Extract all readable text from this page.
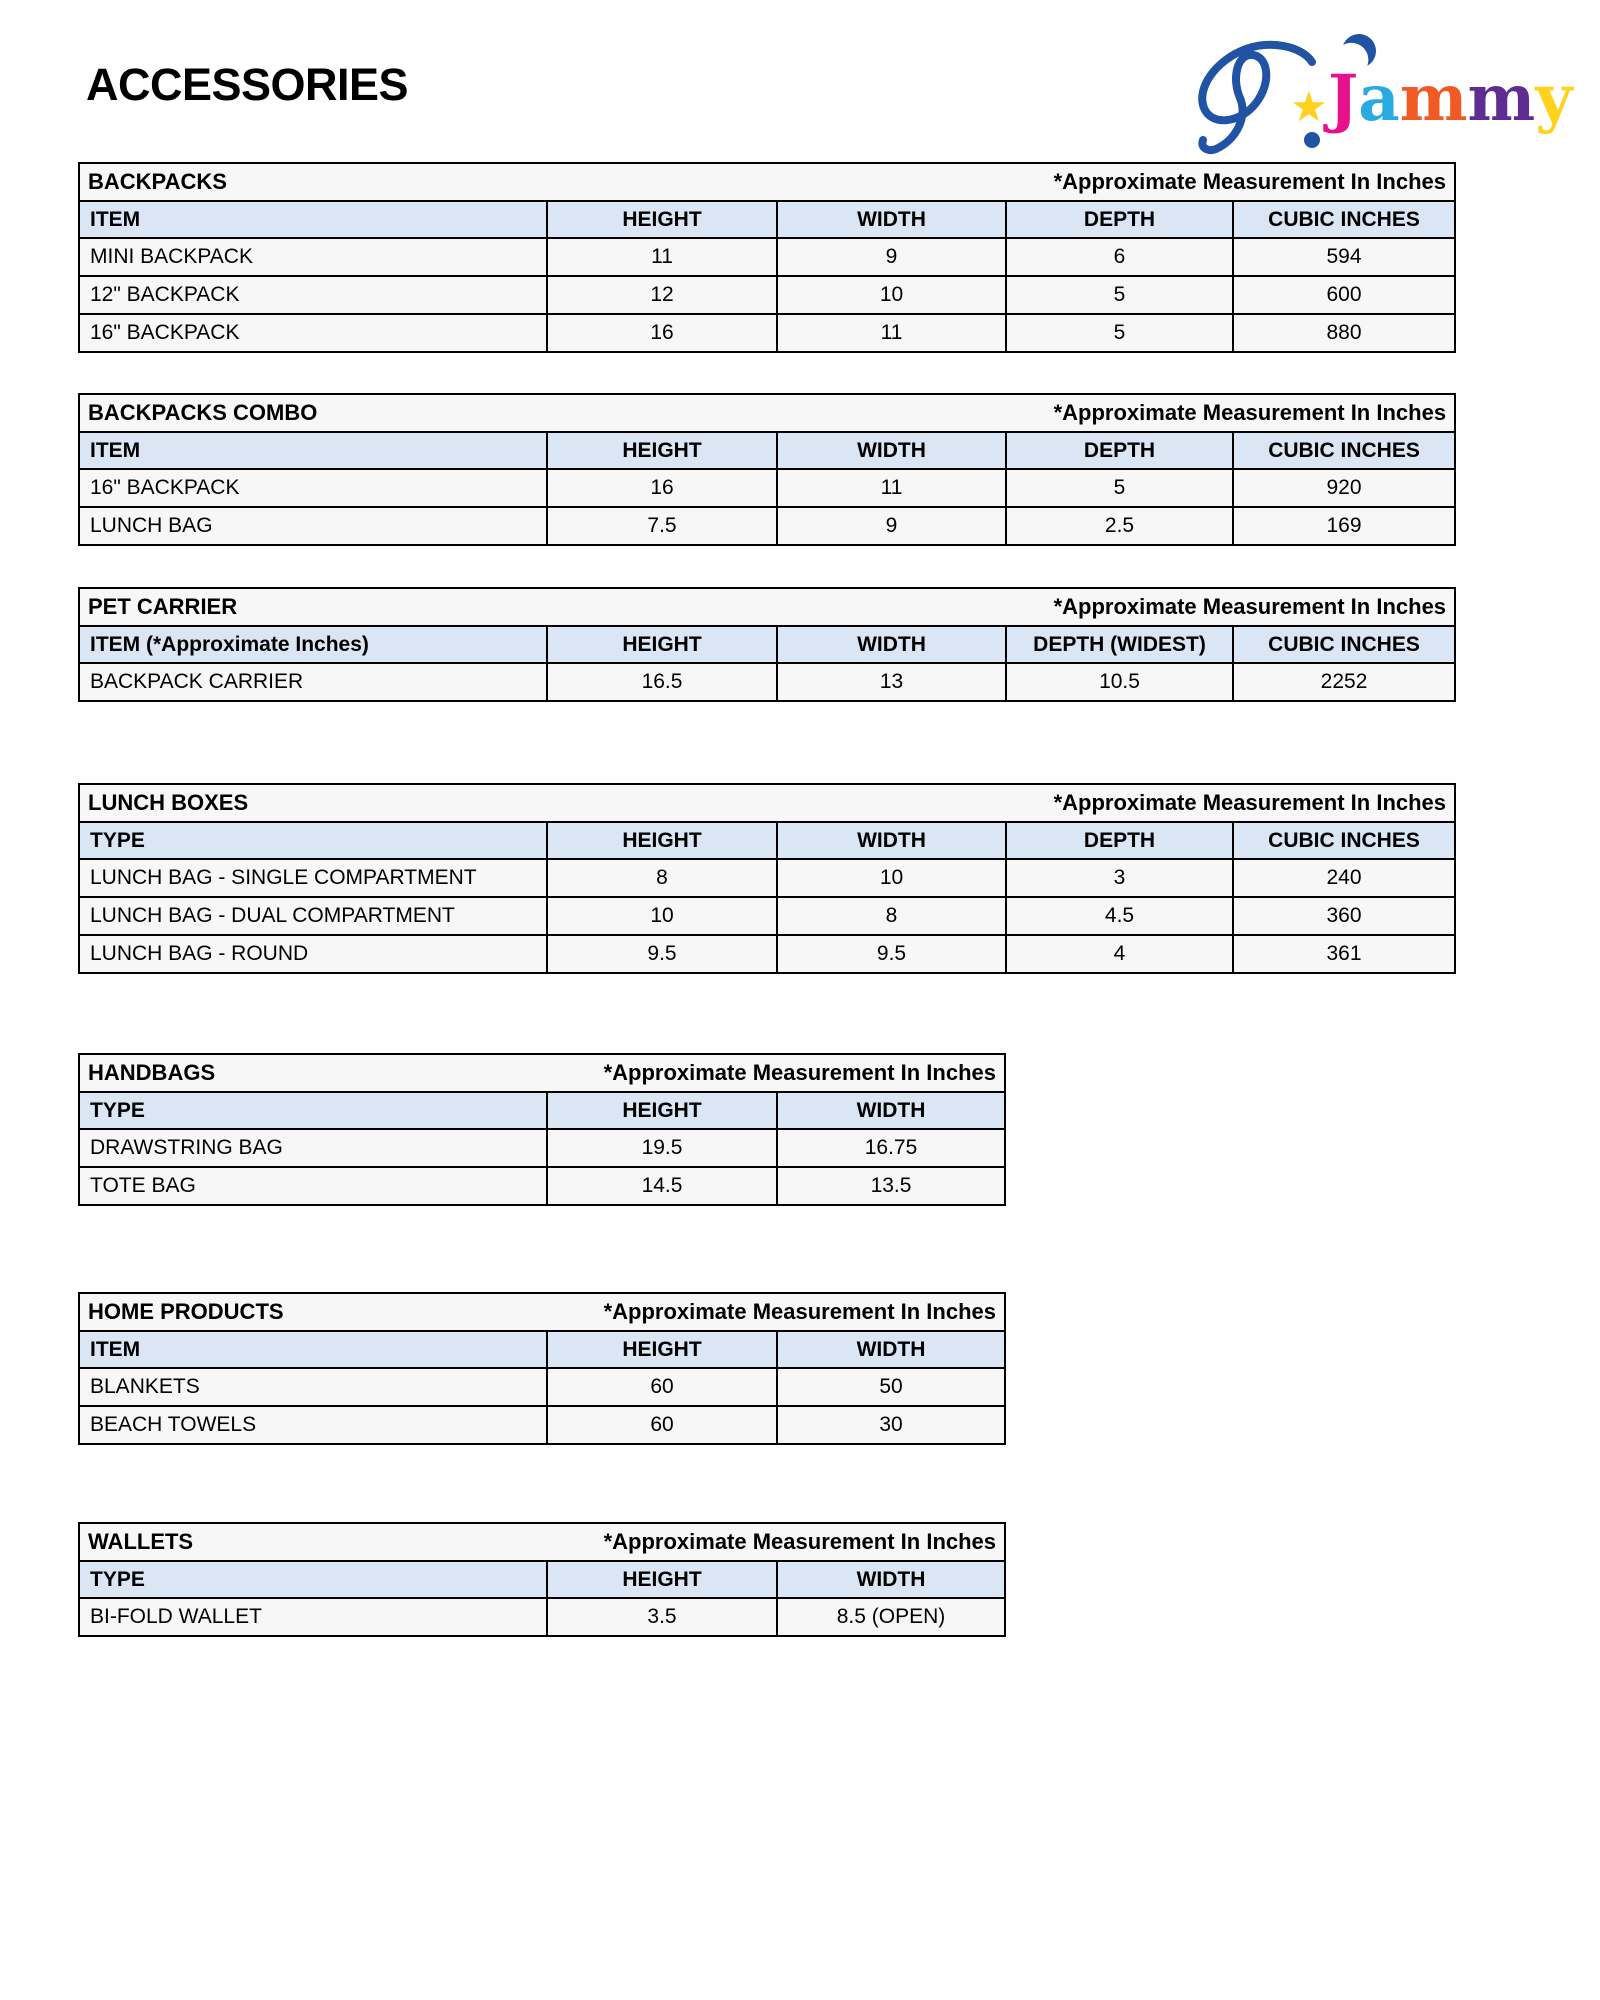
ACCESSORIES	★ Jammy
BACKPACKS *Approximate Measurement In Inches				

ITEM	HEIGHT	WIDTH	DEPTH	CUBIC INCHES
MINI BACKPACK	11	9	6	594
12" BACKPACK	12	10	5	600
16" BACKPACK	16	11	5	880
BACKPACKS COMBO *Approximate Measurement In Inches				

ITEM	HEIGHT	WIDTH	DEPTH	CUBIC INCHES
16" BACKPACK	16	11	5	920
LUNCH BAG	7.5	9	2.5	169
PET CARRIER *Approximate Measurement In Inches				

ITEM (*Approximate Inches)	HEIGHT	WIDTH	DEPTH (WIDEST)	CUBIC INCHES
BACKPACK CARRIER	16.5	13	10.5	2252
LUNCH BOXES *Approximate Measurement In Inches				

TYPE	HEIGHT	WIDTH	DEPTH	CUBIC INCHES
LUNCH BAG - SINGLE COMPARTMENT	8	10	3	240
LUNCH BAG - DUAL COMPARTMENT	10	8	4.5	360
LUNCH BAG - ROUND	9.5	9.5	4	361
HANDBAGS *Approximate Measurement In Inches		

TYPE	HEIGHT	WIDTH
DRAWSTRING BAG	19.5	16.75
TOTE BAG	14.5	13.5
HOME PRODUCTS *Approximate Measurement In Inches		

ITEM	HEIGHT	WIDTH
BLANKETS	60	50
BEACH TOWELS	60	30
WALLETS *Approximate Measurement In Inches		

TYPE	HEIGHT	WIDTH
BI-FOLD WALLET	3.5	8.5 (OPEN)
